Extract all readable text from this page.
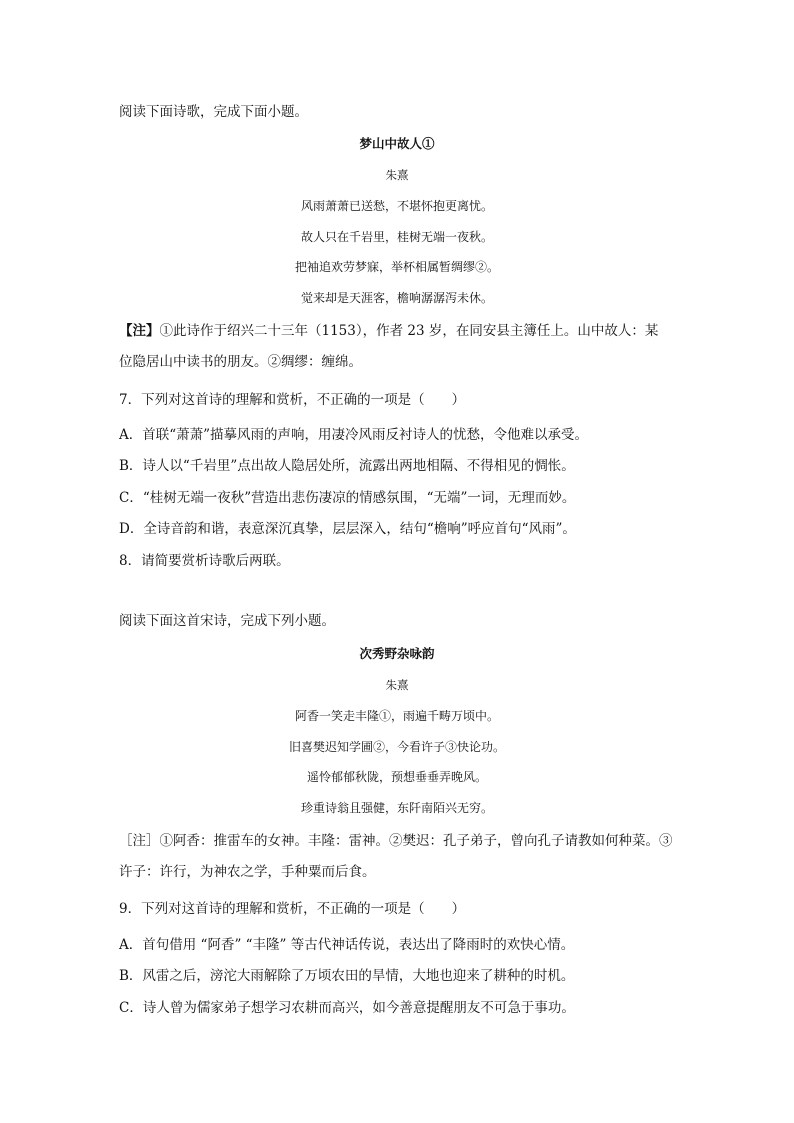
阅读下面诗歌，完成下面小题。
梦山中故人①
朱熹
风雨萧萧已送愁，不堪怀抱更离忧。
故人只在千岩里，桂树无端一夜秋。
把袖追欢劳梦寐，举杯相属暂绸缪②。
觉来却是天涯客，檐响潺潺泻未休。
【注】①此诗作于绍兴二十三年（1153），作者 23 岁，在同安县主簿任上。山中故人：某
位隐居山中读书的朋友。②绸缪：缠绵。
7．下列对这首诗的理解和赏析，不正确的一项是（　　）
A．首联“萧萧”描摹风雨的声响，用凄冷风雨反衬诗人的忧愁，令他难以承受。
B．诗人以“千岩里”点出故人隐居处所，流露出两地相隔、不得相见的惆怅。
C．“桂树无端一夜秋”营造出悲伤凄凉的情感氛围，“无端”一词，无理而妙。
D．全诗音韵和谐，表意深沉真挚，层层深入，结句“檐响”呼应首句“风雨”。
8．请简要赏析诗歌后两联。
阅读下面这首宋诗，完成下列小题。
次秀野杂咏韵
朱熹
阿香一笑走丰隆①，雨遍千畴万顷中。
旧喜樊迟知学圃②，今看许子③快论功。
遥怜郁郁秋陇，预想垂垂弄晚风。
珍重诗翁且强健，东阡南陌兴无穷。
［注］①阿香：推雷车的女神。丰隆：雷神。②樊迟：孔子弟子，曾向孔子请教如何种菜。③
许子：许行，为神农之学，手种粟而后食。
9．下列对这首诗的理解和赏析，不正确的一项是（　　）
A．首句借用 “阿香” “丰隆” 等古代神话传说，表达出了降雨时的欢快心情。
B．风雷之后，滂沱大雨解除了万顷农田的旱情，大地也迎来了耕种的时机。
C．诗人曾为儒家弟子想学习农耕而高兴，如今善意提醒朋友不可急于事功。
